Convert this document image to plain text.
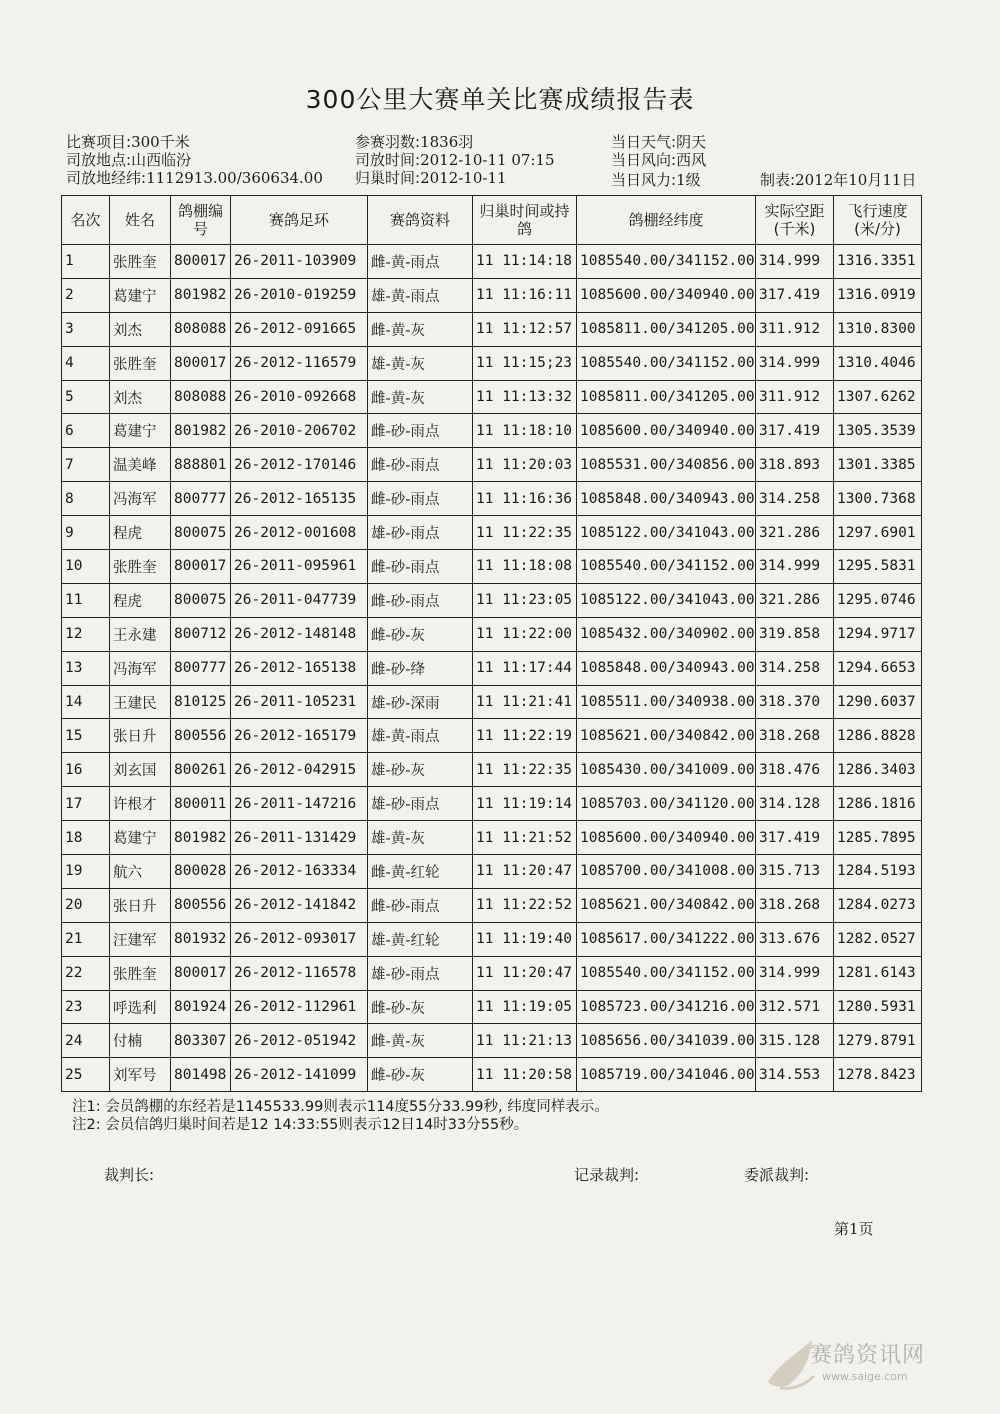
300公里大赛单关比赛成绩报告表
比赛项目:300千米
司放地点:山西临汾
司放地经纬:1112913.00/360634.00
参赛羽数:1836羽
司放时间:2012-10-11 07:15
归巢时间:2012-10-11
当日天气:阴天
当日风向:西风
当日风力:1级	制表:2012年10月11日
名次	姓名	鸽棚编号	赛鸽足环	赛鸽资料	归巢时间或持鸽	鸽棚经纬度	实际空距(千米)	飞行速度(米/分)
1	张胜奎	800017	26-2011-103909	雌-黄-雨点	11 11:14:18	1085540.00/341152.00	314.999	1316.3351
2	葛建宁	801982	26-2010-019259	雄-黄-雨点	11 11:16:11	1085600.00/340940.00	317.419	1316.0919
3	刘杰	808088	26-2012-091665	雌-黄-灰	11 11:12:57	1085811.00/341205.00	311.912	1310.8300
4	张胜奎	800017	26-2012-116579	雄-黄-灰	11 11:15;23	1085540.00/341152.00	314.999	1310.4046
5	刘杰	808088	26-2010-092668	雌-黄-灰	11 11:13:32	1085811.00/341205.00	311.912	1307.6262
6	葛建宁	801982	26-2010-206702	雌-砂-雨点	11 11:18:10	1085600.00/340940.00	317.419	1305.3539
7	温美峰	888801	26-2012-170146	雌-砂-雨点	11 11:20:03	1085531.00/340856.00	318.893	1301.3385
8	冯海军	800777	26-2012-165135	雌-砂-雨点	11 11:16:36	1085848.00/340943.00	314.258	1300.7368
9	程虎	800075	26-2012-001608	雄-砂-雨点	11 11:22:35	1085122.00/341043.00	321.286	1297.6901
10	张胜奎	800017	26-2011-095961	雌-砂-雨点	11 11:18:08	1085540.00/341152.00	314.999	1295.5831
11	程虎	800075	26-2011-047739	雌-砂-雨点	11 11:23:05	1085122.00/341043.00	321.286	1295.0746
12	王永建	800712	26-2012-148148	雌-砂-灰	11 11:22:00	1085432.00/340902.00	319.858	1294.9717
13	冯海军	800777	26-2012-165138	雌-砂-绛	11 11:17:44	1085848.00/340943.00	314.258	1294.6653
14	王建民	810125	26-2011-105231	雄-砂-深雨	11 11:21:41	1085511.00/340938.00	318.370	1290.6037
15	张日升	800556	26-2012-165179	雄-黄-雨点	11 11:22:19	1085621.00/340842.00	318.268	1286.8828
16	刘玄国	800261	26-2012-042915	雄-砂-灰	11 11:22:35	1085430.00/341009.00	318.476	1286.3403
17	许根才	800011	26-2011-147216	雄-砂-雨点	11 11:19:14	1085703.00/341120.00	314.128	1286.1816
18	葛建宁	801982	26-2011-131429	雄-黄-灰	11 11:21:52	1085600.00/340940.00	317.419	1285.7895
19	航六	800028	26-2012-163334	雌-黄-红轮	11 11:20:47	1085700.00/341008.00	315.713	1284.5193
20	张日升	800556	26-2012-141842	雌-砂-雨点	11 11:22:52	1085621.00/340842.00	318.268	1284.0273
21	汪建军	801932	26-2012-093017	雄-黄-红轮	11 11:19:40	1085617.00/341222.00	313.676	1282.0527
22	张胜奎	800017	26-2012-116578	雄-砂-雨点	11 11:20:47	1085540.00/341152.00	314.999	1281.6143
23	呼选利	801924	26-2012-112961	雌-砂-灰	11 11:19:05	1085723.00/341216.00	312.571	1280.5931
24	付楠	803307	26-2012-051942	雌-黄-灰	11 11:21:13	1085656.00/341039.00	315.128	1279.8791
25	刘军号	801498	26-2012-141099	雌-砂-灰	11 11:20:58	1085719.00/341046.00	314.553	1278.8423
注1: 会员鸽棚的东经若是1145533.99则表示114度55分33.99秒, 纬度同样表示。
注2: 会员信鸽归巢时间若是12 14:33:55则表示12日14时33分55秒。
裁判长:	记录裁判:	委派裁判:
第1页
赛鸽资讯网
www.saige.com
